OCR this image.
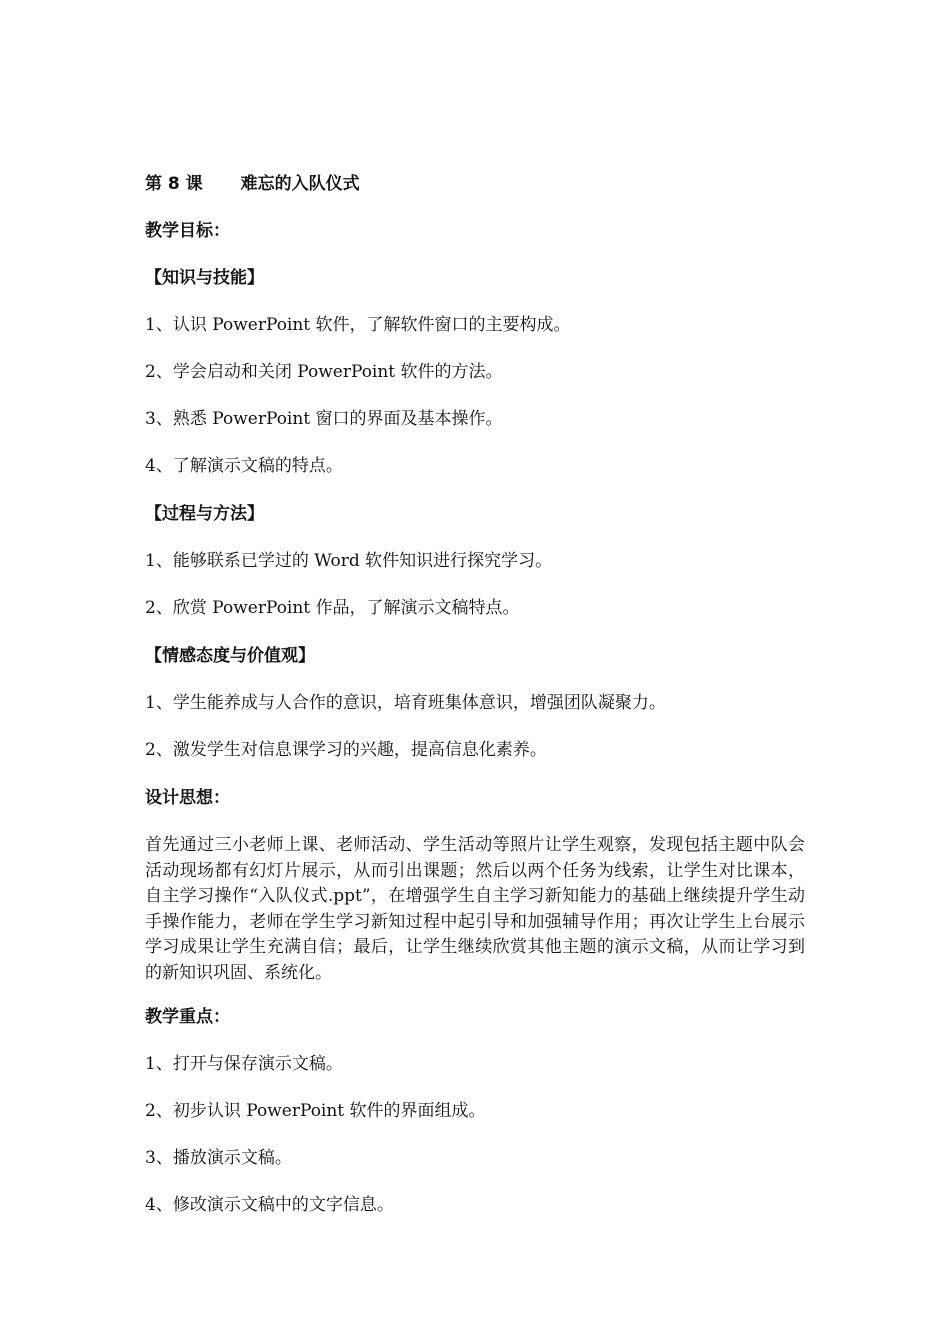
第 8 课 难忘的入队仪式
教学目标：
【知识与技能】
1、认识 PowerPoint 软件，了解软件窗口的主要构成。
2、学会启动和关闭 PowerPoint 软件的方法。
3、熟悉 PowerPoint 窗口的界面及基本操作。
4、了解演示文稿的特点。
【过程与方法】
1、能够联系已学过的 Word 软件知识进行探究学习。
2、欣赏 PowerPoint 作品，了解演示文稿特点。
【情感态度与价值观】
1、学生能养成与人合作的意识，培育班集体意识，增强团队凝聚力。
2、激发学生对信息课学习的兴趣，提高信息化素养。
设计思想：
首先通过三小老师上课、老师活动、学生活动等照片让学生观察，发现包括主题中队会活动现场都有幻灯片展示，从而引出课题；然后以两个任务为线索，让学生对比课本，自主学习操作“入队仪式.ppt”，在增强学生自主学习新知能力的基础上继续提升学生动手操作能力，老师在学生学习新知过程中起引导和加强辅导作用；再次让学生上台展示学习成果让学生充满自信；最后，让学生继续欣赏其他主题的演示文稿，从而让学习到的新知识巩固、系统化。
教学重点：
1、打开与保存演示文稿。
2、初步认识 PowerPoint 软件的界面组成。
3、播放演示文稿。
4、修改演示文稿中的文字信息。
